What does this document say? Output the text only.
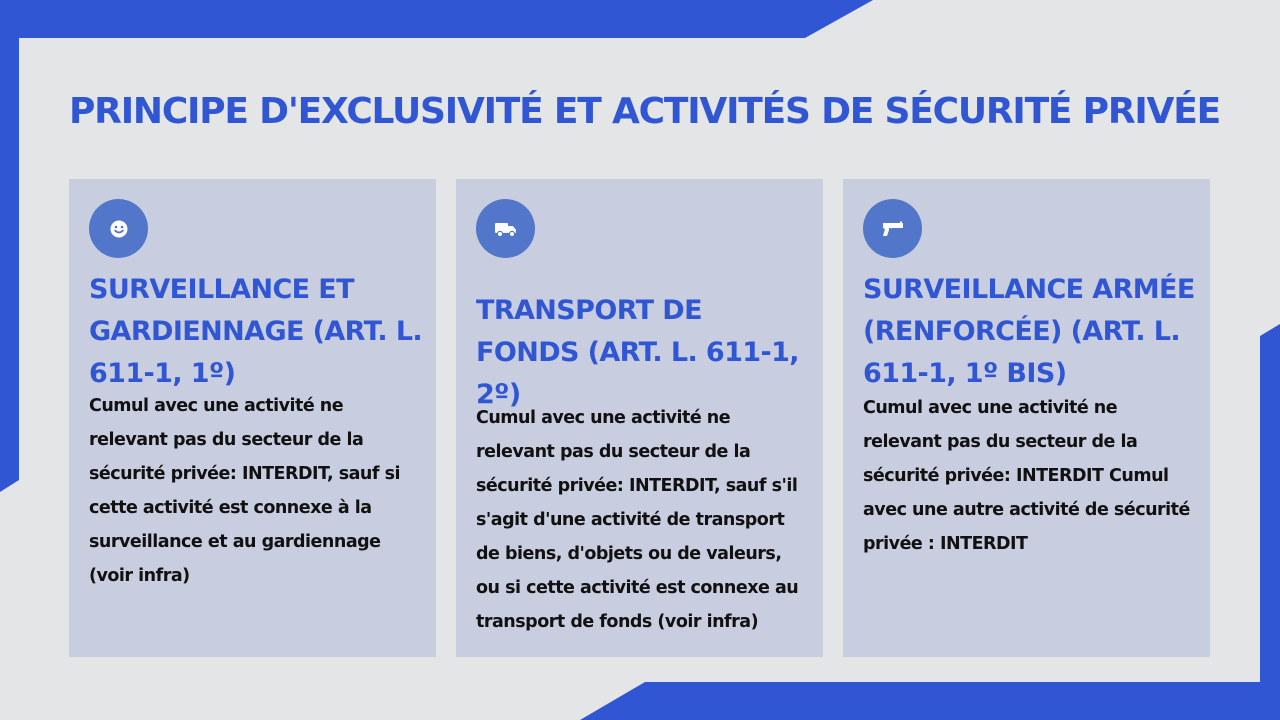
PRINCIPE D'EXCLUSIVITÉ ET ACTIVITÉS DE SÉCURITÉ PRIVÉE
SURVEILLANCE ET GARDIENNAGE (ART. L. 611-1, 1º)

Cumul avec une activité ne relevant pas du secteur de la sécurité privée: INTERDIT, sauf si cette activité est connexe à la surveillance et au gardiennage (voir infra)

TRANSPORT DE FONDS (ART. L. 611-1, 2º)

Cumul avec une activité ne relevant pas du secteur de la sécurité privée: INTERDIT, sauf s'il s'agit d'une activité de transport de biens, d'objets ou de valeurs, ou si cette activité est connexe au transport de fonds (voir infra)

SURVEILLANCE ARMÉE (RENFORCÉE) (ART. L. 611-1, 1º BIS)

Cumul avec une activité ne relevant pas du secteur de la sécurité privée: INTERDIT Cumul avec une autre activité de sécurité privée : INTERDIT
